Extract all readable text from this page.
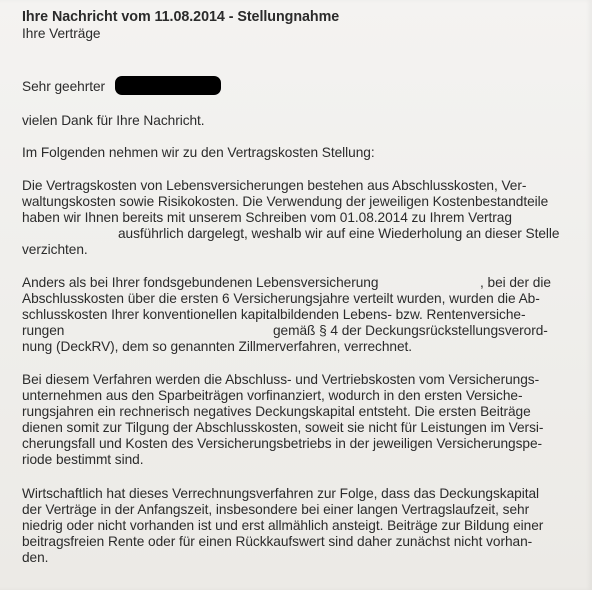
Ihre Nachricht vom 11.08.2014 - Stellungnahme
Ihre Verträge
Sehr geehrter
vielen Dank für Ihre Nachricht.
Im Folgenden nehmen wir zu den Vertragskosten Stellung:
Die Vertragskosten von Lebensversicherungen bestehen aus Abschlusskosten, Ver-
waltungskosten sowie Risikokosten. Die Verwendung der jeweiligen Kostenbestandteile
haben wir Ihnen bereits mit unserem Schreiben vom 01.08.2014 zu Ihrem Vertrag
ausführlich dargelegt, weshalb wir auf eine Wiederholung an dieser Stelle
verzichten.
Anders als bei Ihrer fondsgebundenen Lebensversicherung	, bei der die
Abschlusskosten über die ersten 6 Versicherungsjahre verteilt wurden, wurden die Ab-
schlusskosten Ihrer konventionellen kapitalbildenden Lebens- bzw. Rentenversiche-
rungen	gemäß § 4 der Deckungsrückstellungsverord-
nung (DeckRV), dem so genannten Zillmerverfahren, verrechnet.
Bei diesem Verfahren werden die Abschluss- und Vertriebskosten vom Versicherungs-
unternehmen aus den Sparbeiträgen vorfinanziert, wodurch in den ersten Versiche-
rungsjahren ein rechnerisch negatives Deckungskapital entsteht. Die ersten Beiträge
dienen somit zur Tilgung der Abschlusskosten, soweit sie nicht für Leistungen im Versi-
cherungsfall und Kosten des Versicherungsbetriebs in der jeweiligen Versicherungspe-
riode bestimmt sind.
Wirtschaftlich hat dieses Verrechnungsverfahren zur Folge, dass das Deckungskapital
der Verträge in der Anfangszeit, insbesondere bei einer langen Vertragslaufzeit, sehr
niedrig oder nicht vorhanden ist und erst allmählich ansteigt. Beiträge zur Bildung einer
beitragsfreien Rente oder für einen Rückkaufswert sind daher zunächst nicht vorhan-
den.
